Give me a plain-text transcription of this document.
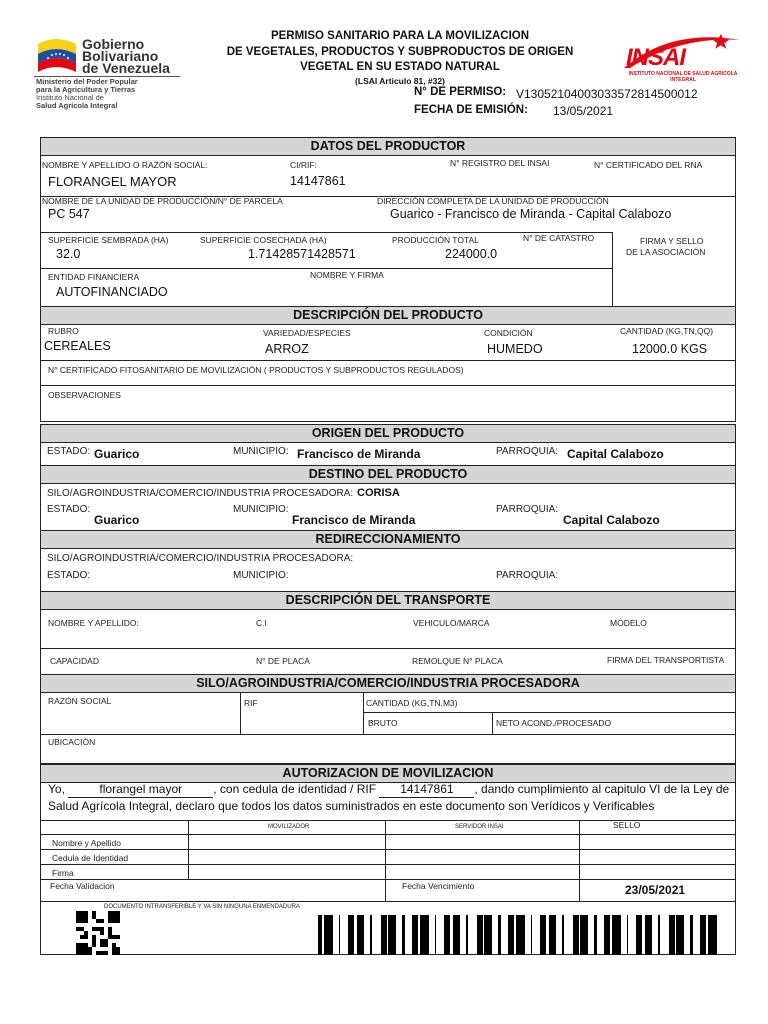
Gobierno
Bolivariano
de Venezuela
Ministerio del Poder Popular
para la Agricultura y Tierras
Instituto Nacional de
Salud Agrícola Integral
PERMISO SANITARIO PARA LA MOVILIZACION
DE VEGETALES, PRODUCTOS Y SUBPRODUCTOS DE ORIGEN
VEGETAL EN SU ESTADO NATURAL
(LSAI Articulo 81, #32)
N° DE PERMISO: V13052104003033572814500012
FECHA DE EMISIÓN: 13/05/2021
INSAI
INSTITUTO NACIONAL DE SALUD AGRICOLA INTEGRAL
DATOS DEL PRODUCTOR
NOMBRE Y APELLIDO O RAZÓN SOCIAL:
FLORANGEL MAYOR
CI/RIF:
14147861
N° REGISTRO DEL INSAI	N° CERTIFICADO DEL RNA
NOMBRE DE LA UNIDAD DE PRODUCCIÓN/N° DE PARCELA
PC 547
DIRECCIÓN COMPLETA DE LA UNIDAD DE PRODUCCIÓN
Guarico - Francisco de Miranda - Capital Calabozo
SUPERFICIE SEMBRADA (HA)
32.0
SUPERFICIE COSECHADA (HA)
1.71428571428571
PRODUCCIÓN TOTAL
224000.0
N° DE CATASTRO	FIRMA Y SELLO
DE LA ASOCIACIÓN
ENTIDAD FINANCIERA
AUTOFINANCIADO
NOMBRE Y FIRMA
DESCRIPCIÓN DEL PRODUCTO
RUBRO
CEREALES
VARIEDAD/ESPECIES
ARROZ
CONDICIÓN
HUMEDO
CANTIDAD (KG,TN,QQ)
12000.0 KGS
N° CERTIFICADO FITOSANITARIO DE MOVILIZACIÓN ( PRODUCTOS Y SUBPRODUCTOS REGULADOS)
OBSERVACIONES
ORIGEN DEL PRODUCTO
ESTADO: Guarico	MUNICIPIO: Francisco de Miranda	PARROQUIA: Capital Calabozo
DESTINO DEL PRODUCTO
SILO/AGROINDUSTRIA/COMERCIO/INDUSTRIA PROCESADORA: CORISA
ESTADO:
Guarico
MUNICIPIO:
Francisco de Miranda
PARROQUIA:
Capital Calabozo
REDIRECCIONAMIENTO
SILO/AGROINDUSTRIA/COMERCIO/INDUSTRIA PROCESADORA:
ESTADO:	MUNICIPIO:	PARROQUIA:
DESCRIPCIÓN DEL TRANSPORTE
NOMBRE Y APELLIDO:	C.I	VEHICULO/MARCA	MODELO
CAPACIDAD	N° DE PLACA	REMOLQUE N° PLACA	FIRMA DEL TRANSPORTISTA
SILO/AGROINDUSTRIA/COMERCIO/INDUSTRIA PROCESADORA
RAZÓN SOCIAL	RIF	CANTIDAD (KG,TN,M3)
BRUTO	NETO ACOND./PROCESADO
UBICACIÓN
AUTORIZACION DE MOVILIZACION
Yo,	florangel mayor	, con cedula de identidad / RIF 14147861 , dando cumplimiento al capitulo VI de la Ley de
Salud Agrícola Integral, declaro que todos los datos suministrados en este documento son Verídicos y Verificables
MOVILIZADOR	SERVIDOR INSAI	SELLO
Nombre y Apellido
Cedula de Identidad
Firma
Fecha Validacion	Fecha Vencimiento	23/05/2021
DOCUMENTO INTRANSFERIBLE Y VA SIN NINGUNA ENMENDADURA
